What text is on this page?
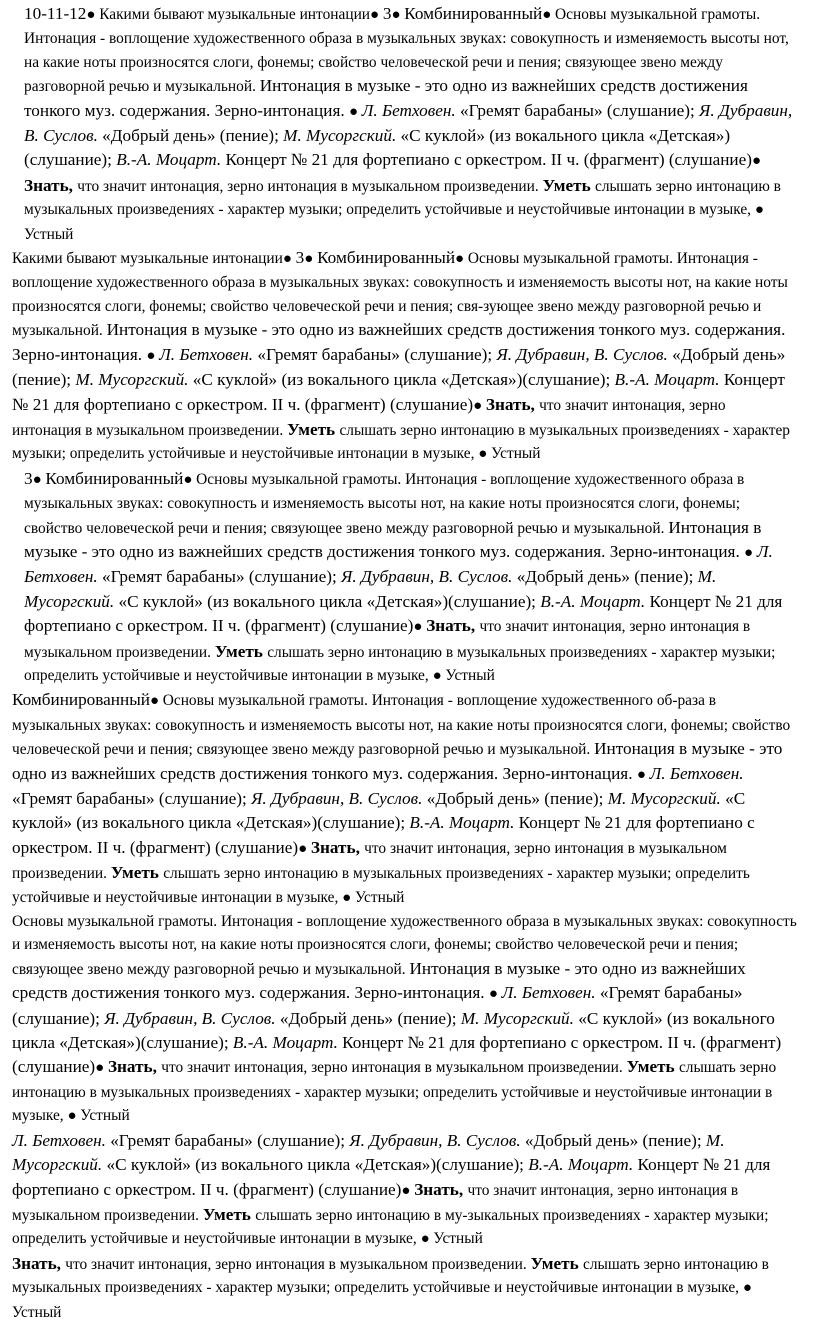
10-11-12● Какими бывают музыкальные интонации● 3● Комбинированный● Основы музыкальной грамоты. Интонация - воплощение художественного образа в музыкальных звуках: совокупность и изменяемость высоты нот, на какие ноты произносятся слоги, фонемы; свойство человеческой речи и пения; связующее звено между разговорной речью и музыкальной. Интонация в музыке - это одно из важнейших средств достижения тонкого муз. содержания. Зерно-интонация. ● Л. Бетховен. «Гремят барабаны» (слушание); Я. Дубравин, В. Суслов. «Добрый день» (пение); М. Мусоргский. «С куклой» (из вокального цикла «Детская»)(слушание); В.-А. Моцарт. Концерт № 21 для фортепиано с оркестром. II ч. (фрагмент) (слушание)● Знать, что значит интонация, зерно интонация в музыкальном произведении. Уметь слышать зерно интонацию в музыкальных произведениях - характер музыки; определить устойчивые и неустойчивые интонации в музыке, ● Устный

Какими бывают музыкальные интонации● 3● Комбинированный● Основы музыкальной грамоты. Интонация - воплощение художественного образа в музыкальных звуках: совокупность и изменяемость высоты нот, на какие ноты произносятся слоги, фонемы; свойство человеческой речи и пения; свя-зующее звено между разговорной речью и музыкальной. Интонация в музыке - это одно из важнейших средств достижения тонкого муз. содержания. Зерно-интонация. ● Л. Бетховен. «Гремят барабаны» (слушание); Я. Дубравин, В. Суслов. «Добрый день» (пение); М. Мусоргский. «С куклой» (из вокального цикла «Детская»)(слушание); В.-А. Моцарт. Концерт № 21 для фортепиано с оркестром. II ч. (фрагмент) (слушание)● Знать, что значит интонация, зерно интонация в музыкальном произведении. Уметь слышать зерно интонацию в музыкальных произведениях - характер музыки; определить устойчивые и неустойчивые интонации в музыке, ● Устный

3● Комбинированный● Основы музыкальной грамоты. Интонация - воплощение художественного образа в музыкальных звуках: совокупность и изменяемость высоты нот, на какие ноты произносятся слоги, фонемы; свойство человеческой речи и пения; связующее звено между разговорной речью и музыкальной. Интонация в музыке - это одно из важнейших средств достижения тонкого муз. содержания. Зерно-интонация. ● Л. Бетховен. «Гремят барабаны» (слушание); Я. Дубравин, В. Суслов. «Добрый день» (пение); М. Мусоргский. «С куклой» (из вокального цикла «Детская»)(слушание); В.-А. Моцарт. Концерт № 21 для фортепиано с оркестром. II ч. (фрагмент) (слушание)● Знать, что значит интонация, зерно интонация в музыкальном произведении. Уметь слышать зерно интонацию в музыкальных произведениях - характер музыки; определить устойчивые и неустойчивые интонации в музыке, ● Устный

Комбинированный● Основы музыкальной грамоты. Интонация - воплощение художественного об-раза в музыкальных звуках: совокупность и изменяемость высоты нот, на какие ноты произносятся слоги, фонемы; свойство человеческой речи и пения; связующее звено между разговорной речью и музыкальной. Интонация в музыке - это одно из важнейших средств достижения тонкого муз. содержания. Зерно-интонация. ● Л. Бетховен. «Гремят барабаны» (слушание); Я. Дубравин, В. Суслов. «Добрый день» (пение); М. Мусоргский. «С куклой» (из вокального цикла «Детская»)(слушание); В.-А. Моцарт. Концерт № 21 для фортепиано с оркестром. II ч. (фрагмент) (слушание)● Знать, что значит интонация, зерно интонация в музыкальном произведении. Уметь слышать зерно интонацию в музыкальных произведениях - характер музыки; определить устойчивые и неустойчивые интонации в музыке, ● Устный

Основы музыкальной грамоты. Интонация - воплощение художественного образа в музыкальных звуках: совокупность и изменяемость высоты нот, на какие ноты произносятся слоги, фонемы; свойство человеческой речи и пения; связующее звено между разговорной речью и музыкальной. Интонация в музыке - это одно из важнейших средств достижения тонкого муз. содержания. Зерно-интонация. ● Л. Бетховен. «Гремят барабаны» (слушание); Я. Дубравин, В. Суслов. «Добрый день» (пение); М. Мусоргский. «С куклой» (из вокального цикла «Детская»)(слушание); В.-А. Моцарт. Концерт № 21 для фортепиано с оркестром. II ч. (фрагмент) (слушание)● Знать, что значит интонация, зерно интонация в музыкальном произведении. Уметь слышать зерно интонацию в музыкальных произведениях - характер музыки; определить устойчивые и неустойчивые интонации в музыке, ● Устный

Л. Бетховен. «Гремят барабаны» (слушание); Я. Дубравин, В. Суслов. «Добрый день» (пение); М. Мусоргский. «С куклой» (из вокального цикла «Детская»)(слушание); В.-А. Моцарт. Концерт № 21 для фортепиано с оркестром. II ч. (фрагмент) (слушание)● Знать, что значит интонация, зерно интонация в музыкальном произведении. Уметь слышать зерно интонацию в му-зыкальных произведениях - характер музыки; определить устойчивые и неустойчивые интонации в музыке, ● Устный

Знать, что значит интонация, зерно интонация в музыкальном произведении. Уметь слышать зерно интонацию в музыкальных произведениях - характер музыки; определить устойчивые и неустойчивые интонации в музыке, ● Устный
